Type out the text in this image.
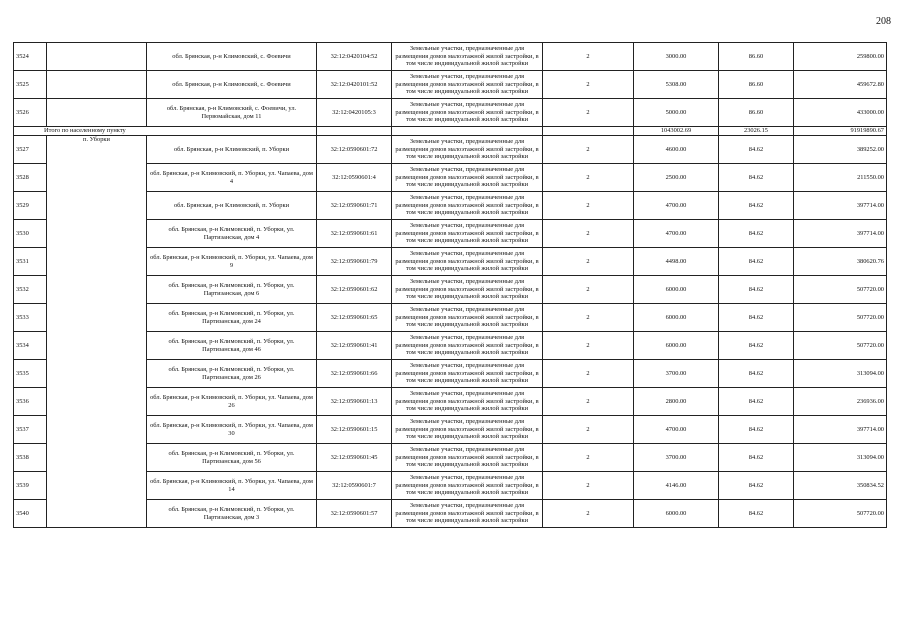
208
3524		обл. Брянская, р-н Климовский, с. Фоевичи	32:12:0420104:52	Земельные участки, предназначенные для размещения домов малоэтажной жилой застройки, в том числе индивидуальной жилой застройки	2	3000.00	86.60	259800.00
3525		обл. Брянская, р-н Климовский, с. Фоевичи	32:12:0420101:52	Земельные участки, предназначенные для размещения домов малоэтажной жилой застройки, в том числе индивидуальной жилой застройки	2	5308.00	86.60	459672.80
3526		обл. Брянская, р-н Климовский, с. Фоевичи, ул. Первомайская, дом 11	32:12:0420105:3	Земельные участки, предназначенные для размещения домов малоэтажной жилой застройки, в том числе индивидуальной жилой застройки	2	5000.00	86.60	433000.00
Итого по населенному пункту						1043002.69	23026.15	91919890.67
3527	п. Уборки	обл. Брянская, р-н Климовский, п. Уборки	32:12:0590601:72	Земельные участки, предназначенные для размещения домов малоэтажной жилой застройки, в том числе индивидуальной жилой застройки	2	4600.00	84.62	389252.00
3528		обл. Брянская, р-н Климовский, п. Уборки, ул. Чапаева, дом 4	32:12:0590601:4	Земельные участки, предназначенные для размещения домов малоэтажной жилой застройки, в том числе индивидуальной жилой застройки	2	2500.00	84.62	211550.00
3529		обл. Брянская, р-н Климовский, п. Уборки	32:12:0590601:71	Земельные участки, предназначенные для размещения домов малоэтажной жилой застройки, в том числе индивидуальной жилой застройки	2	4700.00	84.62	397714.00
3530		обл. Брянская, р-н Климовский, п. Уборки, ул. Партизанская, дом 4	32:12:0590601:61	Земельные участки, предназначенные для размещения домов малоэтажной жилой застройки, в том числе индивидуальной жилой застройки	2	4700.00	84.62	397714.00
3531		обл. Брянская, р-н Климовский, п. Уборки, ул. Чапаева, дом 9	32:12:0590601:79	Земельные участки, предназначенные для размещения домов малоэтажной жилой застройки, в том числе индивидуальной жилой застройки	2	4498.00	84.62	380620.76
3532		обл. Брянская, р-н Климовский, п. Уборки, ул. Партизанская, дом 6	32:12:0590601:62	Земельные участки, предназначенные для размещения домов малоэтажной жилой застройки, в том числе индивидуальной жилой застройки	2	6000.00	84.62	507720.00
3533		обл. Брянская, р-н Климовский, п. Уборки, ул. Партизанская, дом 24	32:12:0590601:65	Земельные участки, предназначенные для размещения домов малоэтажной жилой застройки, в том числе индивидуальной жилой застройки	2	6000.00	84.62	507720.00
3534		обл. Брянская, р-н Климовский, п. Уборки, ул. Партизанская, дом 46	32:12:0590601:41	Земельные участки, предназначенные для размещения домов малоэтажной жилой застройки, в том числе индивидуальной жилой застройки	2	6000.00	84.62	507720.00
3535		обл. Брянская, р-н Климовский, п. Уборки, ул. Партизанская, дом 26	32:12:0590601:66	Земельные участки, предназначенные для размещения домов малоэтажной жилой застройки, в том числе индивидуальной жилой застройки	2	3700.00	84.62	313094.00
3536		обл. Брянская, р-н Климовский, п. Уборки, ул. Чапаева, дом 26	32:12:0590601:13	Земельные участки, предназначенные для размещения домов малоэтажной жилой застройки, в том числе индивидуальной жилой застройки	2	2800.00	84.62	236936.00
3537		обл. Брянская, р-н Климовский, п. Уборки, ул. Чапаева, дом 30	32:12:0590601:15	Земельные участки, предназначенные для размещения домов малоэтажной жилой застройки, в том числе индивидуальной жилой застройки	2	4700.00	84.62	397714.00
3538		обл. Брянская, р-н Климовский, п. Уборки, ул. Партизанская, дом 56	32:12:0590601:45	Земельные участки, предназначенные для размещения домов малоэтажной жилой застройки, в том числе индивидуальной жилой застройки	2	3700.00	84.62	313094.00
3539		обл. Брянская, р-н Климовский, п. Уборки, ул. Чапаева, дом 14	32:12:0590601:7	Земельные участки, предназначенные для размещения домов малоэтажной жилой застройки, в том числе индивидуальной жилой застройки	2	4146.00	84.62	350834.52
3540		обл. Брянская, р-н Климовский, п. Уборки, ул. Партизанская, дом 3	32:12:0590601:57	Земельные участки, предназначенные для размещения домов малоэтажной жилой застройки, в том числе индивидуальной жилой застройки	2	6000.00	84.62	507720.00
